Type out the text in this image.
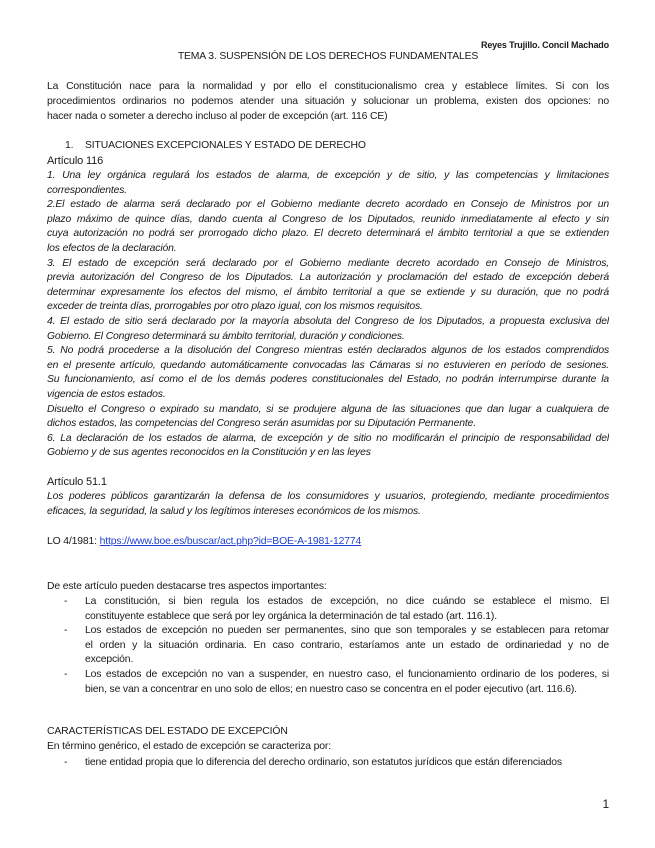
Reyes Trujillo. Concil Machado
TEMA 3. SUSPENSIÓN DE LOS DERECHOS FUNDAMENTALES
La Constitución nace para la normalidad y por ello el constitucionalismo crea y establece límites. Si con los
procedimientos ordinarios no podemos atender una situación y solucionar un problema, existen dos opciones: no
hacer nada o someter a derecho incluso al poder de excepción (art. 116 CE)
1.	SITUACIONES EXCEPCIONALES Y ESTADO DE DERECHO
Artículo 116
1. Una ley orgánica regulará los estados de alarma, de excepción y de sitio, y las competencias y limitaciones
correspondientes.
2.El estado de alarma será declarado por el Gobierno mediante decreto acordado en Consejo de Ministros por un
plazo máximo de quince días, dando cuenta al Congreso de los Diputados, reunido inmediatamente al efecto y sin
cuya autorización no podrá ser prorrogado dicho plazo. El decreto determinará el ámbito territorial a que se extienden
los efectos de la declaración.
3. El estado de excepción será declarado por el Gobierno mediante decreto acordado en Consejo de Ministros,
previa autorización del Congreso de los Diputados. La autorización y proclamación del estado de excepción deberá
determinar expresamente los efectos del mismo, el ámbito territorial a que se extiende y su duración, que no podrá
exceder de treinta días, prorrogables por otro plazo igual, con los mismos requisitos.
4. El estado de sitio será declarado por la mayoría absoluta del Congreso de los Diputados, a propuesta exclusiva del
Gobierno. El Congreso determinará su ámbito territorial, duración y condiciones.
5. No podrá procederse a la disolución del Congreso mientras estén declarados algunos de los estados comprendidos
en el presente artículo, quedando automáticamente convocadas las Cámaras si no estuvieren en período de sesiones.
Su funcionamiento, así como el de los demás poderes constitucionales del Estado, no podrán interrumpirse durante la
vigencia de estos estados.
Disuelto el Congreso o expirado su mandato, si se produjere alguna de las situaciones que dan lugar a cualquiera de
dichos estados, las competencias del Congreso serán asumidas por su Diputación Permanente.
6. La declaración de los estados de alarma, de excepción y de sitio no modificarán el principio de responsabilidad del
Gobierno y de sus agentes reconocidos en la Constitución y en las leyes
Artículo 51.1
Los poderes públicos garantizarán la defensa de los consumidores y usuarios, protegiendo, mediante procedimientos
eficaces, la seguridad, la salud y los legítimos intereses económicos de los mismos.
LO 4/1981: https://www.boe.es/buscar/act.php?id=BOE-A-1981-12774
De este artículo pueden destacarse tres aspectos importantes:
- La constitución, si bien regula los estados de excepción, no dice cuándo se establece el mismo. El
constituyente establece que será por ley orgánica la determinación de tal estado (art. 116.1).
- Los estados de excepción no pueden ser permanentes, sino que son temporales y se establecen para retomar
el orden y la situación ordinaria. En caso contrario, estaríamos ante un estado de ordinariedad y no de
excepción.
- Los estados de excepción no van a suspender, en nuestro caso, el funcionamiento ordinario de los poderes, si
bien, se van a concentrar en uno solo de ellos; en nuestro caso se concentra en el poder ejecutivo (art. 116.6).
CARACTERÍSTICAS DEL ESTADO DE EXCEPCIÓN
En término genérico, el estado de excepción se caracteriza por:
- tiene entidad propia que lo diferencia del derecho ordinario, son estatutos jurídicos que están diferenciados
1
